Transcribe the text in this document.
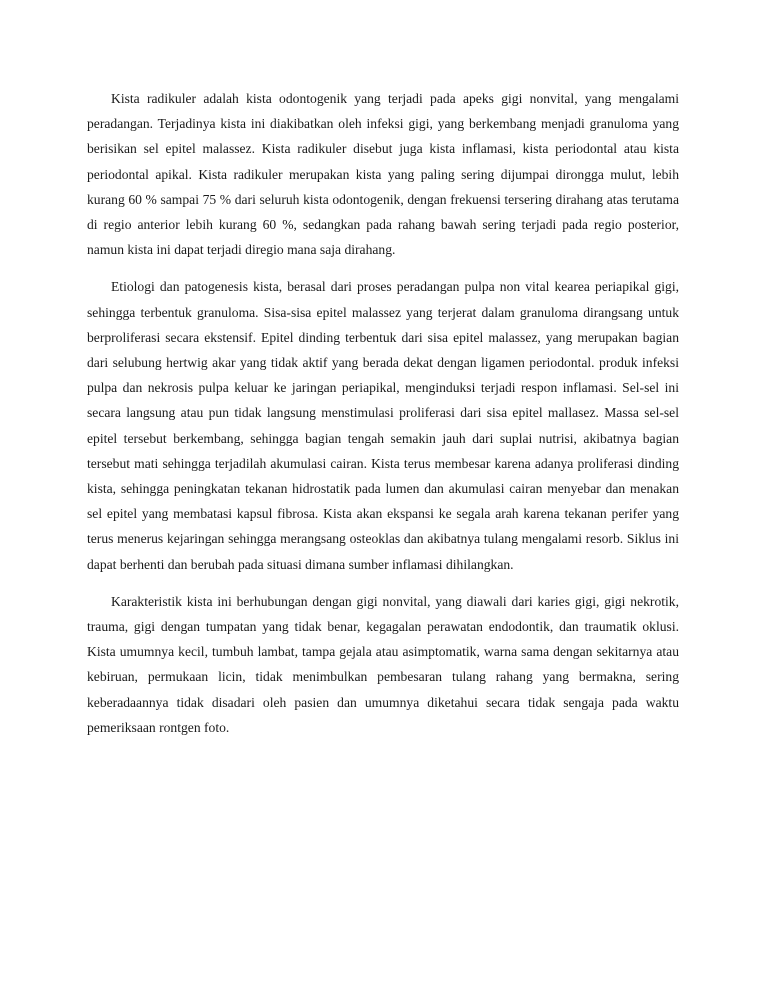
Kista radikuler adalah kista odontogenik yang terjadi pada apeks gigi nonvital, yang mengalami peradangan. Terjadinya kista ini diakibatkan oleh infeksi gigi, yang berkembang menjadi granuloma yang berisikan sel epitel malassez. Kista radikuler disebut juga kista inflamasi, kista periodontal atau kista periodontal apikal. Kista radikuler merupakan kista yang paling sering dijumpai dirongga mulut, lebih kurang 60 % sampai 75 % dari seluruh kista odontogenik, dengan frekuensi tersering dirahang atas terutama di regio anterior lebih kurang 60 %, sedangkan pada rahang bawah sering terjadi pada regio posterior, namun kista ini dapat terjadi diregio mana saja dirahang.

Etiologi dan patogenesis kista, berasal dari proses peradangan pulpa non vital kearea periapikal gigi, sehingga terbentuk granuloma. Sisa-sisa epitel malassez yang terjerat dalam granuloma dirangsang untuk berproliferasi secara ekstensif. Epitel dinding terbentuk dari sisa epitel malassez, yang merupakan bagian dari selubung hertwig akar yang tidak aktif yang berada dekat dengan ligamen periodontal. produk infeksi pulpa dan nekrosis pulpa keluar ke jaringan periapikal, menginduksi terjadi respon inflamasi. Sel-sel ini secara langsung atau pun tidak langsung menstimulasi proliferasi dari sisa epitel mallasez. Massa sel-sel epitel tersebut berkembang, sehingga bagian tengah semakin jauh dari suplai nutrisi, akibatnya bagian tersebut mati sehingga terjadilah akumulasi cairan. Kista terus membesar karena adanya proliferasi dinding kista, sehingga peningkatan tekanan hidrostatik pada lumen dan akumulasi cairan menyebar dan menakan sel epitel yang membatasi kapsul fibrosa. Kista akan ekspansi ke segala arah karena tekanan perifer yang terus menerus kejaringan sehingga merangsang osteoklas dan akibatnya tulang mengalami resorb. Siklus ini dapat berhenti dan berubah pada situasi dimana sumber inflamasi dihilangkan.

Karakteristik kista ini berhubungan dengan gigi nonvital, yang diawali dari karies gigi, gigi nekrotik, trauma, gigi dengan tumpatan yang tidak benar, kegagalan perawatan endodontik, dan traumatik oklusi. Kista umumnya kecil, tumbuh lambat, tampa gejala atau asimptomatik, warna sama dengan sekitarnya atau kebiruan, permukaan licin, tidak menimbulkan pembesaran tulang rahang yang bermakna, sering keberadaannya tidak disadari oleh pasien dan umumnya diketahui secara tidak sengaja pada waktu pemeriksaan rontgen foto.
